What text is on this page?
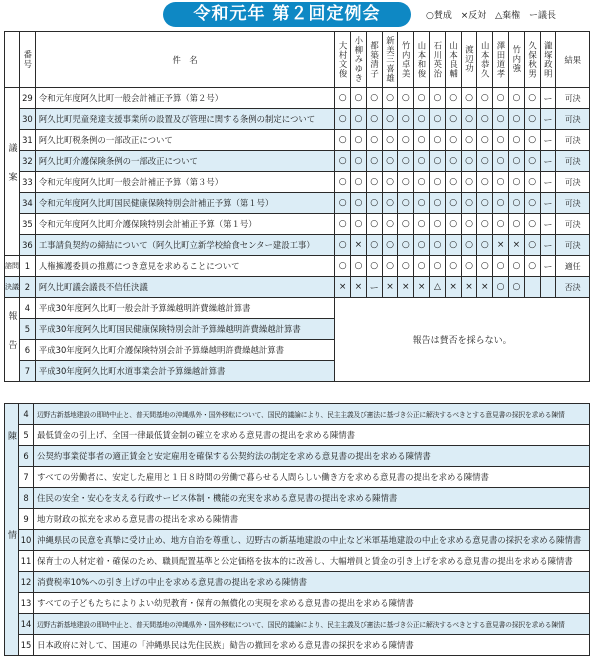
令和元年 第２回定例会	○賛成 ×反対 △棄権 ー議長

	番号	件　名	大村文俊	小柳みゆき	都築清子	新美三喜雄	竹内卓美	山本和俊	石川英治	山本良輔	渡辺功	山本恭久	澤田道孝	竹内強	久保秋男	瀧塚政明	結果

議案	29	令和元年度阿久比町一般会計補正予算（第２号）	○	○	○	○	○	○	○	○	○	○	○	○	○	ー	可決
	30	阿久比町児童発達支援事業所の設置及び管理に関する条例の制定について	○	○	○	○	○	○	○	○	○	○	○	○	○	ー	可決
	31	阿久比町税条例の一部改正について	○	○	○	○	○	○	○	○	○	○	○	○	○	ー	可決
	32	阿久比町介護保険条例の一部改正について	○	○	○	○	○	○	○	○	○	○	○	○	○	ー	可決
	33	令和元年度阿久比町一般会計補正予算（第３号）	○	○	○	○	○	○	○	○	○	○	○	○	○	ー	可決
	34	令和元年度阿久比町国民健康保険特別会計補正予算（第１号）	○	○	○	○	○	○	○	○	○	○	○	○	○	ー	可決
	35	令和元年度阿久比町介護保険特別会計補正予算（第１号）	○	○	○	○	○	○	○	○	○	○	○	○	○	ー	可決
	36	工事請負契約の締結について（阿久比町立新学校給食センター建設工事）	○	×	○	○	○	○	○	○	○	○	×	×	○	ー	可決
諮問	1	人権擁護委員の推薦につき意見を求めることについて	○	○	○	○	○	○	○	○	○	○	○	○	○	ー	適任
決議	2	阿久比町議会議長不信任決議	×	×	ー	×	×	×	△	×	×	×	○	○			否決

報告	4	平成30年度阿久比町一般会計予算繰越明許費繰越計算書	報告は賛否を採らない。														
	5	平成30年度阿久比町国民健康保険特別会計予算繰越明許費繰越計算書															
	6	平成30年度阿久比町介護保険特別会計予算繰越明許費繰越計算書															
	7	平成30年度阿久比町水道事業会計予算繰越計算書															
陳情	4	辺野古新基地建設の即時中止と、普天間基地の沖縄県外・国外移転について、国民的議論により、民主主義及び憲法に基づき公正に解決するべきとする意見書の採択を求める陳情
	5	最低賃金の引上げ、全国一律最低賃金制の確立を求める意見書の提出を求める陳情書
	6	公契約事業従事者の適正賃金と安定雇用を確保する公契約法の制定を求める意見書の提出を求める陳情書
	7	すべての労働者に、安定した雇用と１日８時間の労働で暮らせる人間らしい働き方を求める意見書の提出を求める陳情書
	8	住民の安全・安心を支える行政サービス体制・機能の充実を求める意見書の提出を求める陳情書
	9	地方財政の拡充を求める意見書の提出を求める陳情書
	10	沖縄県民の民意を真摯に受け止め、地方自治を尊重し、辺野古の新基地建設の中止など米軍基地建設の中止を求める意見書の採択を求める陳情書
	11	保育士の人材定着・確保のため、職員配置基準と公定価格を抜本的に改善し、大幅増員と賃金の引き上げを求める意見書の提出を求める陳情書
	12	消費税率10%への引き上げの中止を求める意見書の提出を求める陳情書
	13	すべての子どもたちによりよい幼児教育・保育の無償化の実現を求める意見書の提出を求める陳情書
	14	辺野古新基地建設の即時中止と、普天間基地の沖縄県外・国外移転について、国民的議論により、民主主義及び憲法に基づき公正に解決するべきとする意見書の採択を求める陳情
	15	日本政府に対して、国連の「沖縄県民は先住民族」勧告の撤回を求める意見書の採択を求める陳情書
